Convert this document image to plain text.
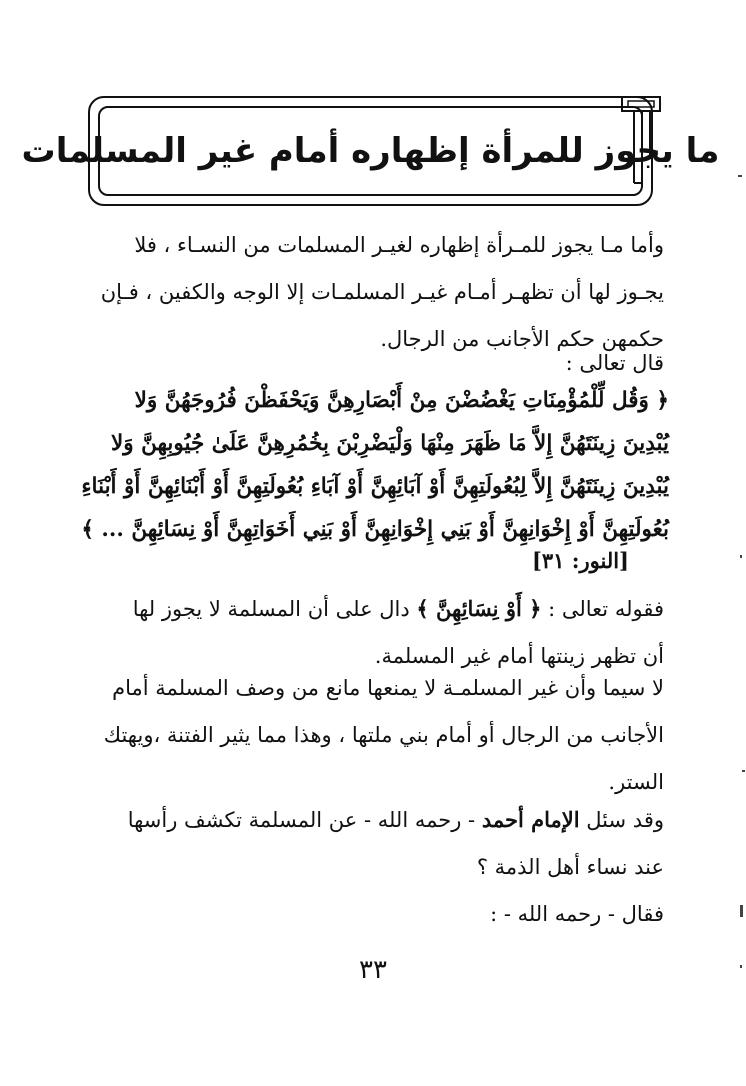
ما يجوز للمرأة إظهاره أمام غير المسلمات
وأما مـا يجوز للمـرأة إظهاره لغيـر المسلمات من النسـاء ، فلا
يجـوز لها أن تظهـر أمـام غيـر المسلمـات إلا الوجه والكفين ، فـإن
حكمهن حكم الأجانب من الرجال.
قال تعالى :
﴿ وَقُل لِّلْمُؤْمِنَاتِ يَغْضُضْنَ مِنْ أَبْصَارِهِنَّ وَيَحْفَظْنَ فُرُوجَهُنَّ وَلا
يُبْدِينَ زِينَتَهُنَّ إِلاَّ مَا ظَهَرَ مِنْهَا وَلْيَضْرِبْنَ بِخُمُرِهِنَّ عَلَىٰ جُيُوبِهِنَّ وَلا
يُبْدِينَ زِينَتَهُنَّ إِلاَّ لِبُعُولَتِهِنَّ أَوْ آبَائِهِنَّ أَوْ آبَاءِ بُعُولَتِهِنَّ أَوْ أَبْنَائِهِنَّ أَوْ أَبْنَاءِ
بُعُولَتِهِنَّ أَوْ إِخْوَانِهِنَّ أَوْ بَنِي إِخْوَانِهِنَّ أَوْ بَنِي أَخَوَاتِهِنَّ أَوْ نِسَائِهِنَّ ... ﴾
[النور: ٣١]
فقوله تعالى : ﴿ أَوْ نِسَائِهِنَّ ﴾ دال على أن المسلمة لا يجوز لها
أن تظهر زينتها أمام غير المسلمة.
لا سيما وأن غير المسلمـة لا يمنعها مانع من وصف المسلمة أمام
الأجانب من الرجال أو أمام بني ملتها ، وهذا مما يثير الفتنة ،ويهتك
الستر.
وقد سئل الإمام أحمد - رحمه الله - عن المسلمة تكشف رأسها
عند نساء أهل الذمة ؟
فقال - رحمه الله - :
٣٣
